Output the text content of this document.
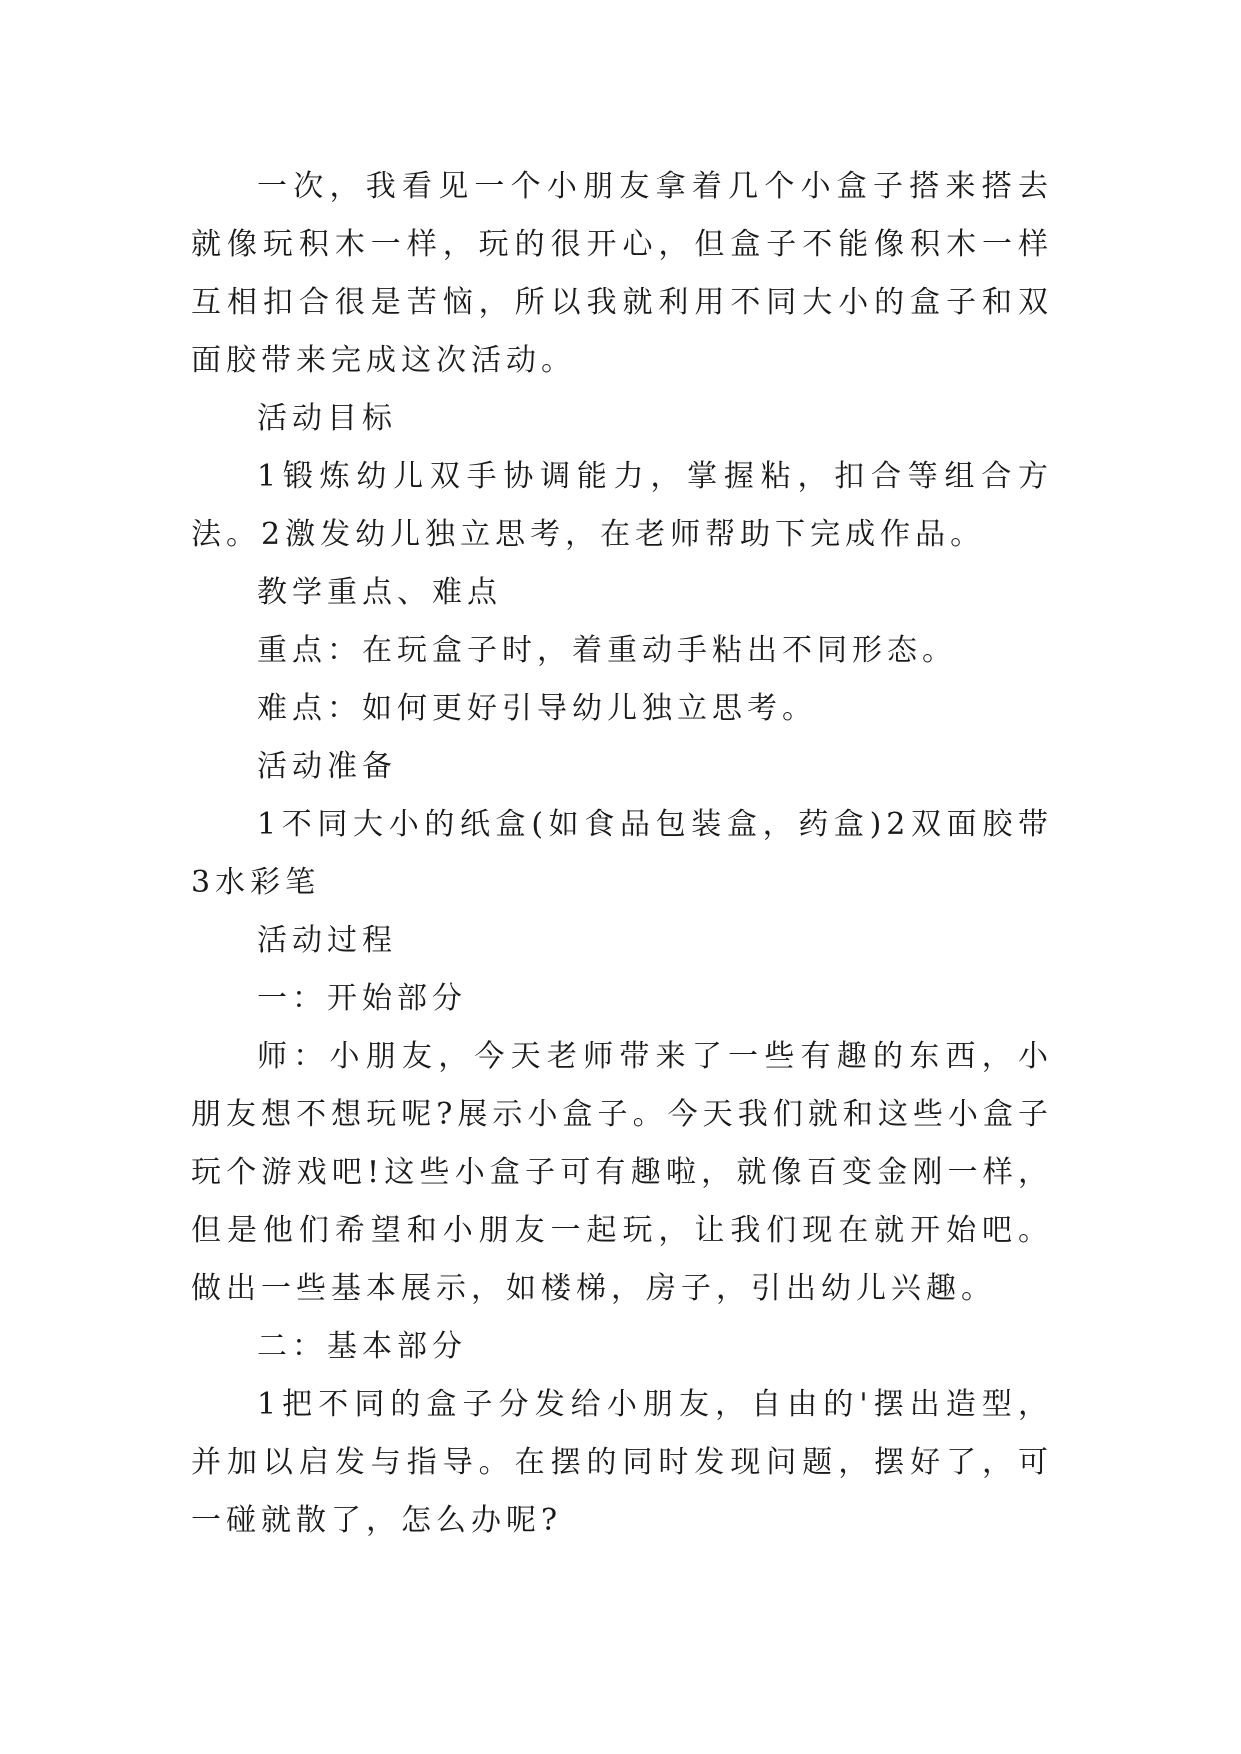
一次，我看见一个小朋友拿着几个小盒子搭来搭去就像玩积木一样，玩的很开心，但盒子不能像积木一样互相扣合很是苦恼，所以我就利用不同大小的盒子和双面胶带来完成这次活动。

活动目标

1锻炼幼儿双手协调能力，掌握粘，扣合等组合方法。2激发幼儿独立思考，在老师帮助下完成作品。

教学重点、难点

重点：在玩盒子时，着重动手粘出不同形态。

难点：如何更好引导幼儿独立思考。

活动准备

1不同大小的纸盒(如食品包装盒，药盒)2双面胶带3水彩笔

活动过程

一：开始部分

师：小朋友，今天老师带来了一些有趣的东西，小朋友想不想玩呢?展示小盒子。今天我们就和这些小盒子玩个游戏吧!这些小盒子可有趣啦，就像百变金刚一样，但是他们希望和小朋友一起玩，让我们现在就开始吧。做出一些基本展示，如楼梯，房子，引出幼儿兴趣。

二：基本部分

1把不同的盒子分发给小朋友，自由的'摆出造型，并加以启发与指导。在摆的同时发现问题，摆好了，可一碰就散了，怎么办呢?
